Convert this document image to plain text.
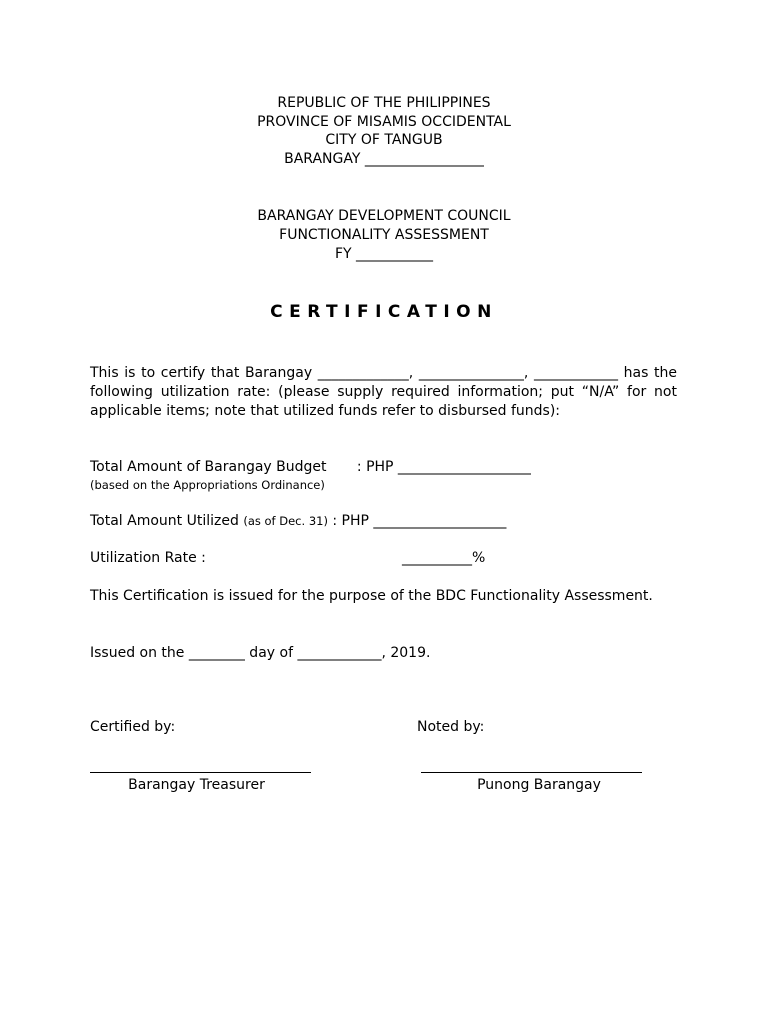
REPUBLIC OF THE PHILIPPINES
PROVINCE OF MISAMIS OCCIDENTAL
CITY OF TANGUB
BARANGAY _________________
BARANGAY DEVELOPMENT COUNCIL
FUNCTIONALITY ASSESSMENT
FY ___________
CERTIFICATION
This is to certify that Barangay _____________, _______________, ____________ has the following utilization rate: (please supply required information; put “N/A” for not applicable items; note that utilized funds refer to disbursed funds):
Total Amount of Barangay Budget : PHP ___________________
(based on the Appropriations Ordinance)
Total Amount Utilized (as of Dec. 31) : PHP ___________________
Utilization Rate :	__________%
This Certification is issued for the purpose of the BDC Functionality Assessment.
Issued on the ________ day of ____________, 2019.
Certified by:	Noted by:
Barangay Treasurer	Punong Barangay
